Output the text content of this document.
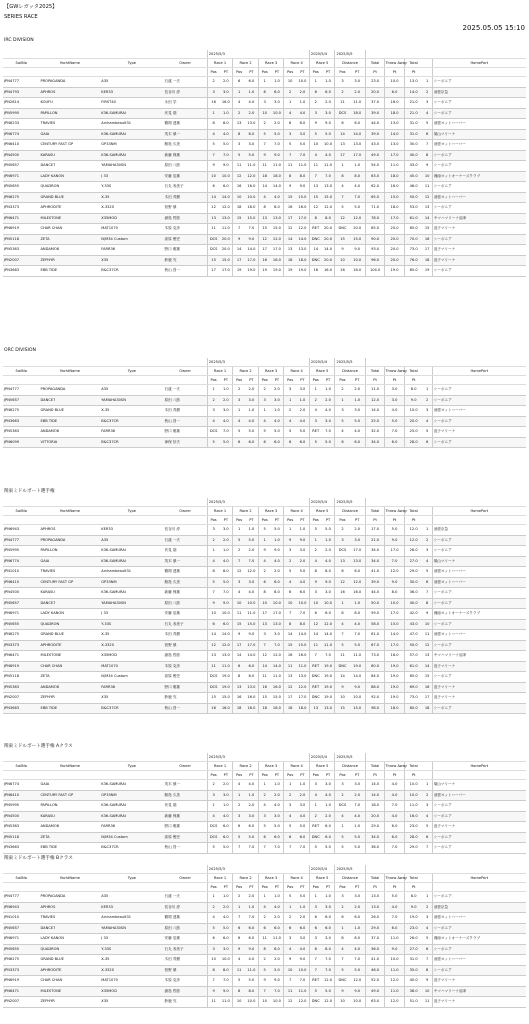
【GWレガッタ2025】
SERIES RACE
2025.05.05 15:10
IRC DIVISION
				2025/5/3								2025/5/4		2025/5/5						
SailNo	YachtName	Type	Owner	Race 1		Race 2		Race 3		Race 4		Race 5		Distance		Total	Throw Away	Total		HomePort
				Pos	PT	Pos	PT	Pos	PT	Pos	PT	Pos	PT	Pos	PT	Pt	Pt	Pt		
JPN4777	PROPAGANDA	A35	石渡 一夫	2	2.0	6	6.0	1	1.0	10	10.0	1	1.0	3	3.0	23.0	10.0	13.0	1	シーボニア
JPN4793	APHROS	KER33	長谷川 淳	3	3.0	1	1.0	6	6.0	2	2.0	6	6.0	2	2.0	20.0	6.0	14.0	2	油壺京急
JPN2814	KOUFU	FIRST40	永田 学	16	16.0	4	4.0	3	3.0	1	1.0	2	2.0	11	11.0	37.0	16.0	21.0	3	シーボニア
JPN5995	PAPILLON	K36-SAMURAI	伏見 瑞	1	1.0	2	2.0	10	10.0	4	4.0	3	3.0	DCS	18.0	39.0	18.0	21.0	4	シーボニア
JPN6233	TRAVIES	Archambeault31	鶴岡 達雄	8	8.0	13	13.0	2	2.0	6	6.0	9	9.0	6	6.0	44.0	13.0	31.0	5	油壺ヨットハーバー
JPN6774	GAIA	K36-SAMURAI	茂木 慎一	4	4.0	8	8.0	5	5.0	3	3.0	5	5.0	14	14.0	39.0	14.0	31.0	6	葉山マリーナ
JPN6410	CENTURY FAST GP	GP33NM	飯島 久美	5	5.0	3	3.0	7	7.0	5	5.0	10	10.0	13	13.0	43.0	13.0	30.0	7	油壺ヨットハーバー
JPN4500	KARASU	K36-SAMURAI	新藤 保雄	7	7.0	5	5.0	9	9.0	7	7.0	4	4.0	17	17.0	49.0	17.0	40.0	8	シーボニア
JPN5657	DANCE7	YAMAHA30SN	原田 八郎	9	9.0	11	11.0	11	11.0	11	11.0	11	11.0	1	1.0	54.0	11.0	43.0	9	シーボニア
JPN6971	LADY KANON	J 33	安藤 辰雄	10	10.0	12	12.0	18	18.0	8	8.0	7	7.0	8	8.0	63.0	18.0	45.0	10	湘南ヨットオーナーズクラブ
JPN5655	QUADRON	Y-33S	石丸 寿美子	6	6.0	16	16.0	14	14.0	9	9.0	13	13.0	4	4.0	62.0	16.0	46.0	11	シーボニア
JPN6275	GRAND BLUE	X-35	木田 茂樹	14	14.0	10	10.0	4	4.0	15	15.0	15	15.0	7	7.0	65.0	15.0	50.0	12	油壺ヨットハーバー
JPN3373	APHRODITE	X-332S	菅野 慎	12	12.0	18	18.0	8	8.0	16	16.0	12	12.0	5	5.0	71.0	18.0	53.0	13	シーボニア
JPN6471	MILESTONE	X35MOD	浦島 哲郎	13	13.0	15	15.0	13	13.0	17	17.0	8	8.0	12	12.0	78.0	17.0	61.0	14	ヤマハマリーナ沼津
JPN6919	CHAR CHAN	MAT1070	木原 克彦	11	11.0	7	7.0	15	15.0	12	12.0	RET	20.0	DNC	20.0	85.0	20.0	65.0	15	逗子マリーナ
JPN5118	ZETA	N/M34 Custom	高原 俊史	DCS	20.0	9	9.0	12	12.0	14	14.0	DNC	20.0	15	15.0	90.0	20.0	70.0	16	シーボニア
JPN5363	ANDAMO8	FARR36	野口 雅雄	DCS	20.0	14	14.0	17	17.0	13	13.0	14	14.0	9	9.0	93.0	20.0	73.0	17	逗子マリーナ
JPN2007	ZEPHYR	X35	鈴鹿 究	15	15.0	17	17.0	16	16.0	18	18.0	DNC	20.0	10	10.0	96.0	20.0	76.0	18	逗子マリーナ
JPN3663	EBB TIDE	B&C37CR	秋山 昌一	17	17.0	19	19.0	19	19.0	19	19.0	16	16.0	16	16.0	104.0	19.0	85.0	19	シーボニア
ORC DIVISION
				2025/5/3								2025/5/4		2025/5/5						
SailNo	YachtName	Type	Owner	Race 1		Race 2		Race 3		Race 4		Race 5		Distance		Total	Throw Away	Total		HomePort
				Pos	PT	Pos	PT	Pos	PT	Pos	PT	Pos	PT	Pos	PT	Pt	Pt	Pt		
JPN4777	PROPAGANDA	A35	石渡 一夫	1	1.0	2	2.0	2	2.0	3	3.0	1	1.0	2	2.0	11.0	3.0	8.0	1	シーボニア
JPN5657	DANCE7	YAMAHA30SN	原田 八郎	2	2.0	3	3.0	3	3.0	1	1.0	2	2.0	1	1.0	12.0	3.0	9.0	2	シーボニア
JPN6275	GRAND BLUE	X-35	木田 茂樹	3	3.0	1	1.0	1	1.0	2	2.0	4	4.0	3	3.0	14.0	4.0	10.0	3	油壺ヨットハーバー
JPN3663	EBB TIDE	B&C37CR	秋山 昌一	4	4.0	4	4.0	4	4.0	4	4.0	3	3.0	5	5.0	25.0	5.0	20.0	4	シーボニア
JPN5363	ANDAMO8	FARR36	野口 雅雄	DCS	7.0	5	5.0	5	5.0	5	5.0	RET	7.0	4	4.0	32.0	7.0	25.0	5	逗子マリーナ
JPN6099	VITTORIA	B&C37CR	神保 好夫	5	5.0	6	6.0	6	6.0	6	6.0	5	5.0	6	6.0	34.0	6.0	28.0	6	シーボニア
関東ミドルボート選手権
				2025/5/3								2025/5/4		2025/5/5						
SailNo	YachtName	Type	Owner	Race 1		Race 2		Race 3		Race 4		Race 5		Distance		Total	Throw Away	Total		HomePort
				Pos	PT	Pos	PT	Pos	PT	Pos	PT	Pos	PT	Pos	PT	Pt	Pt	Pt		
JPN6943	APHROS	KER33	長谷川 淳	3	3.0	1	1.0	5	5.0	1	1.0	5	5.0	2	2.0	17.0	5.0	12.0	1	油壺京急
JPN4777	PROPAGANDA	A35	石渡 一夫	2	2.0	5	5.0	1	1.0	9	9.0	1	1.0	3	3.0	21.0	9.0	12.0	2	シーボニア
JPN5995	PAPILLON	K36-SAMURAI	伏見 瑞	1	1.0	2	2.0	9	9.0	3	3.0	2	2.0	DCS	17.0	34.0	17.0	26.0	3	シーボニア
JPN6774	GAIA	K36-SAMURAI	茂木 慎一	4	4.0	7	7.0	4	4.0	2	2.0	4	4.0	13	13.0	34.0	7.0	27.0	4	葉山マリーナ
JPN1010	TRAVIES	Archambeault31	鶴岡 達雄	8	8.0	12	12.0	2	2.0	5	5.0	8	8.0	6	6.0	41.0	12.0	29.0	5	油壺ヨットハーバー
JPN6410	CENTURY FAST GP	GP33NM	飯島 久美	5	5.0	3	3.0	6	6.0	4	4.0	9	9.0	12	12.0	39.0	9.0	30.0	6	油壺ヨットハーバー
JPN4500	KARASU	K36-SAMURAI	新藤 保雄	7	7.0	4	4.0	8	8.0	6	6.0	3	3.0	16	16.0	44.0	8.0	36.0	7	シーボニア
JPN5657	DANCE7	YAMAHA30SN	原田 八郎	9	9.0	10	10.0	10	10.0	10	10.0	10	10.0	1	1.0	50.0	10.0	40.0	8	シーボニア
JPN6971	LADY KANON	J 33	安藤 辰雄	10	10.0	11	11.0	17	17.0	7	7.0	6	6.0	8	8.0	59.0	17.0	42.0	9	湘南ヨットオーナーズクラブ
JPN5655	QUADRON	Y-33S	石丸 寿美子	6	6.0	15	15.0	13	13.0	8	8.0	12	12.0	4	4.0	58.0	15.0	43.0	10	シーボニア
JPN6275	GRAND BLUE	X-35	木田 茂樹	14	14.0	9	9.0	3	3.0	14	14.0	14	14.0	7	7.0	61.0	14.0	47.0	11	油壺ヨットハーバー
JPN3373	APHRODITE	X-332S	菅野 慎	12	12.0	17	17.0	7	7.0	15	15.0	11	11.0	5	5.0	67.0	17.0	50.0	12	シーボニア
JPN6471	MILESTONE	X35MOD	浦島 哲郎	13	13.0	14	14.0	12	12.0	16	16.0	7	7.0	11	11.0	73.0	16.0	57.0	13	ヤマハマリーナ沼津
JPN6919	CHAR CHAN	MAT1070	木原 克彦	11	11.0	6	6.0	14	14.0	11	11.0	RET	19.0	DNC	19.0	80.0	19.0	61.0	14	逗子マリーナ
JPN5118	ZETA	N/M34 Custom	高原 俊史	DCS	19.0	8	8.0	11	11.0	13	13.0	DNC	19.0	14	14.0	84.0	19.0	65.0	15	シーボニア
JPN5363	ANDAMO8	FARR36	野口 雅雄	DCS	19.0	13	13.0	16	16.0	12	12.0	RET	19.0	9	9.0	88.0	19.0	69.0	16	逗子マリーナ
JPN2007	ZEPHYR	X35	鈴鹿 究	15	15.0	16	16.0	15	15.0	17	17.0	DNC	19.0	10	10.0	92.0	19.0	73.0	17	逗子マリーナ
JPN3663	EBB TIDE	B&C37CR	秋山 昌一	16	16.0	18	18.0	18	18.0	18	18.0	13	13.0	15	15.0	98.0	18.0	80.0	18	シーボニア
関東ミドルボート選手権 Aクラス
				2025/5/3								2025/5/4		2025/5/5						
SailNo	YachtName	Type	Owner	Race 1		Race 2		Race 3		Race 4		Race 5		Distance		Total	Throw Away	Total		HomePort
				Pos	PT	Pos	PT	Pos	PT	Pos	PT	Pos	PT	Pos	PT	Pt	Pt	Pt		
JPN6774	GAIA	K36-SAMURAI	茂木 慎一	2	2.0	4	4.0	1	1.0	1	1.0	3	3.0	3	3.0	14.0	4.0	10.0	1	葉山マリーナ
JPN6410	CENTURY FAST GP	GP33NM	飯島 久美	3	3.0	1	1.0	2	2.0	2	2.0	4	4.0	2	2.0	14.0	4.0	10.0	2	油壺ヨットハーバー
JPN5995	PAPILLON	K36-SAMURAI	伏見 瑞	1	1.0	2	2.0	4	4.0	3	3.0	1	1.0	DCS	7.0	18.0	7.0	11.0	3	シーボニア
JPN4500	KARASU	K36-SAMURAI	新藤 保雄	4	4.0	3	3.0	3	3.0	4	4.0	2	2.0	4	4.0	20.0	4.0	16.0	4	シーボニア
JPN5363	ANDAMO8	FARR36	野口 雅雄	DCS	6.0	6	6.0	5	5.0	5	5.0	RET	6.0	1	1.0	29.0	6.0	23.0	5	逗子マリーナ
JPN5118	ZETA	N/M34 Custom	高原 俊史	DCS	6.0	5	5.0	6	6.0	6	6.0	DNC	6.0	5	5.0	34.0	6.0	28.0	6	シーボニア
JPN3663	EBB TIDE	B&C37CR	秋山 昌一	5	5.0	7	7.0	7	7.0	7	7.0	5	5.0	5	5.0	36.0	7.0	29.0	7	シーボニア
関東ミドルボート選手権 Bクラス
				2025/5/3								2025/5/4		2025/5/5						
SailNo	YachtName	Type	Owner	Race 1		Race 2		Race 3		Race 4		Race 5		Distance		Total	Throw Away	Total		HomePort
				Pos	PT	Pos	PT	Pos	PT	Pos	PT	Pos	PT	Pos	PT	Pt	Pt	Pt		
JPN4777	PROPAGANDA	A35	石渡 一夫	1	1.0	2	2.0	1	1.0	5	5.0	1	1.0	3	3.0	13.0	5.0	8.0	1	シーボニア
JPN6943	APHROS	KER33	長谷川 淳	2	2.0	1	1.0	4	4.0	1	1.0	3	3.0	2	2.0	13.0	4.0	9.0	2	油壺京急
JPN1010	TRAVIES	Archambeault31	鶴岡 達雄	4	4.0	7	7.0	2	2.0	2	2.0	6	6.0	6	6.0	26.0	7.0	19.0	3	油壺ヨットハーバー
JPN5657	DANCE7	YAMAHA30SN	原田 八郎	5	5.0	6	6.0	6	6.0	6	6.0	6	6.0	1	1.0	29.0	6.0	23.0	4	シーボニア
JPN6971	LADY KANON	J 33	安藤 辰雄	6	6.0	6	6.0	11	11.0	3	3.0	3	3.0	8	8.0	37.0	11.0	26.0	5	湘南ヨットオーナーズクラブ
JPN5655	QUADRON	Y-33S	石丸 寿美子	3	3.0	9	9.0	8	8.0	4	4.0	8	8.0	4	4.0	36.0	9.0	27.0	6	シーボニア
JPN6275	GRAND BLUE	X-35	木田 茂樹	10	10.0	4	4.0	2	2.0	9	9.0	7	7.0	7	7.0	41.0	10.0	31.0	7	油壺ヨットハーバー
JPN3373	APHRODITE	X-332S	菅野 慎	8	8.0	11	11.0	5	5.0	10	10.0	7	7.0	5	5.0	46.0	11.0	35.0	8	シーボニア
JPN6919	CHAR CHAN	MAT1070	木原 克彦	7	7.0	5	5.0	9	9.0	7	7.0	RET	12.0	DNC	12.0	52.0	12.0	40.0	9	逗子マリーナ
JPN6471	MILESTONE	X35MOD	浦島 哲郎	9	9.0	8	8.0	7	7.0	11	11.0	5	5.0	9	9.0	49.0	11.0	38.0	10	ヤマハマリーナ沼津
JPN2007	ZEPHYR	X35	鈴鹿 究	11	11.0	10	10.0	10	10.0	12	12.0	DNC	12.0	10	10.0	63.0	12.0	51.0	11	逗子マリーナ
